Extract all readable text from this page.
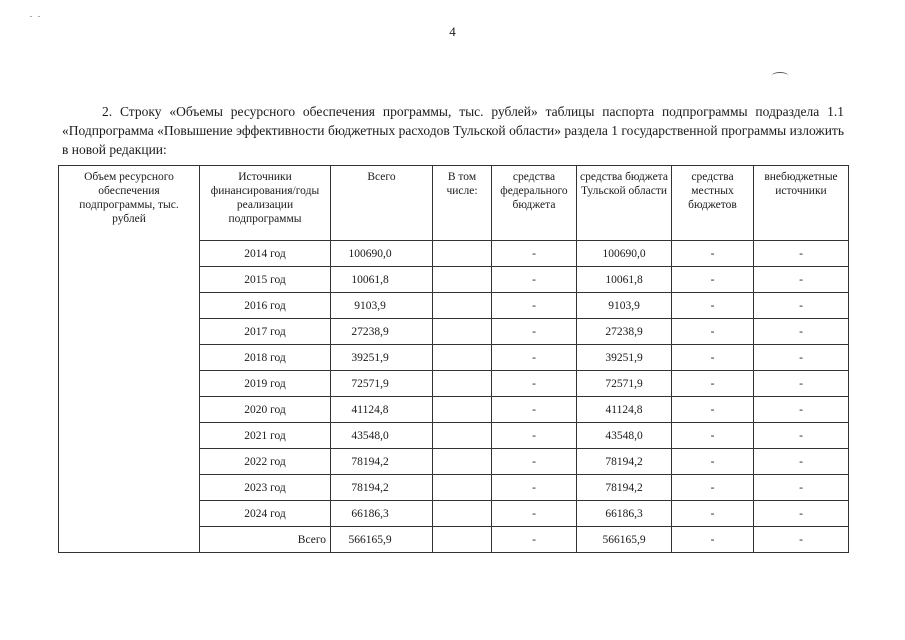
4

2. Строку «Объемы ресурсного обеспечения программы, тыс. рублей» таблицы паспорта подпрограммы подраздела 1.1 «Подпрограмма «Повышение эффективности бюджетных расходов Тульской области» раздела 1 государственной программы изложить в новой редакции:

Объем ресурсного обеспечения подпрограммы, тыс. рублей	Источники финансирования/годы реализации подпрограммы	Всего	В том числе:	средства федерального бюджета	средства бюджета Тульской области	средства местных бюджетов	внебюджетные источники
	2014 год	100690,0		-	100690,0	-	-
	2015 год	10061,8		-	10061,8	-	-
	2016 год	9103,9		-	9103,9	-	-
	2017 год	27238,9		-	27238,9	-	-
	2018 год	39251,9		-	39251,9	-	-
	2019 год	72571,9		-	72571,9	-	-
	2020 год	41124,8		-	41124,8	-	-
	2021 год	43548,0		-	43548,0	-	-
	2022 год	78194,2		-	78194,2	-	-
	2023 год	78194,2		-	78194,2	-	-
	2024 год	66186,3		-	66186,3	-	-
	Всего	566165,9		-	566165,9	-	-
